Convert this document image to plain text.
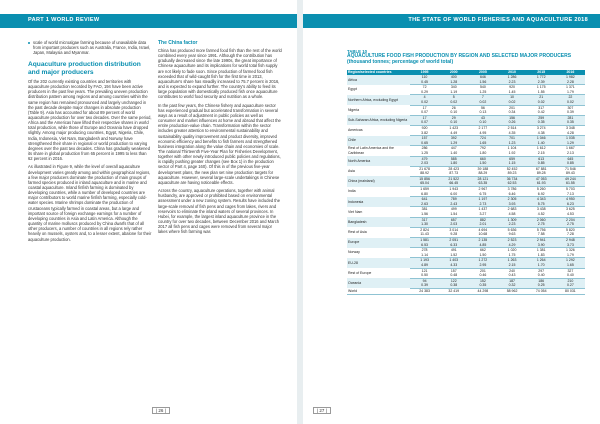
PART 1 WORLD REVIEW

scale of world microalgae farming because of unavailable data from important producers such as Australia, France, India, Israel, Japan, Malaysia and Myanmar.

Aquaculture production distribution and major producers

Of the 202 currently existing countries and territories with aquaculture production recorded by FAO, 194 have been active producers in the past few years. The prevailing uneven production distribution pattern among regions and among countries within the same region has remained pronounced and largely unchanged in the past decade despite major changes in absolute production (Table 9). Asia has accounted for about 89 percent of world aquaculture production for over two decades. Over the same period, Africa and the Americas have lifted their respective shares in world total production, while those of Europe and Oceania have dropped slightly. Among major producing countries, Egypt, Nigeria, Chile, India, Indonesia, Viet Nam, Bangladesh and Norway have strengthened their share in regional or world production to varying degrees over the past two decades. China has gradually weakened its share in global production from 65 percent in 1995 to less than 62 percent in 2016.

As illustrated in Figure 9, while the level of overall aquaculture development varies greatly among and within geographical regions, a few major producers dominate the production of main groups of farmed species produced in inland aquaculture and in marine and coastal aquaculture. Inland finfish farming is dominated by developing countries, while a number of developed countries are major contributors to world marine finfish farming, especially cold-water species. Marine shrimps dominate the production of crustaceans typically farmed in coastal areas, but a large and important source of foreign exchange earnings for a number of developing countries in Asia and Latin America. Although the quantity of marine molluscs produced by China dwarfs that of all other producers, a number of countries in all regions rely rather heavily on mussels, oysters and, to a lesser extent, abalone for their aquaculture production.

The China factor

China has produced more farmed food fish than the rest of the world combined every year since 1991. Although the contribution has gradually decreased since the late 1990s, the great importance of Chinese aquaculture and its implications for world total fish supply are not likely to fade soon. Since production of farmed food fish exceeded that of wild-caught fish for the first time in 2013, aquaculture's share has steadily increased to 75.7 percent in 2016, and is expected to expand further. The country's ability to feed its large population with domestically produced fish once aquaculture contributes to world food security and nutrition as a whole.

In the past few years, the Chinese fishery and aquaculture sector has experienced gradual but accelerated transformation in several ways as a result of adjustment in public policies as well as consumer and market influences at home and abroad that affect the entire production-value chain. Transformation within the sector includes greater attention to environmental sustainability and sustainability quality improvement and product diversity, improved economic efficiency and benefits to fish farmers and strengthened business integration along the value chain and economies of scale. The national Thirteenth Five-Year Plan for Fisheries Development, together with other newly introduced public policies and regulations, is rapidly pushing greater changes (see Box 1) in the production sector of Part 4, page 160). Of this in of the previous five-year development plans, the new plan set nine production targets for aquaculture. However, several large-scale undertakings in Chinese aquaculture are having noticeable effects.

Across the country, aquaculture operations, together with animal husbandry, are approved or prohibited based on environmental assessment under a new zoning system. Results have included the large-scale removal of fish pens and cages from lakes, rivers and reservoirs to eliminate the inland waters of several provinces. In Hubei, for example, the largest inland aquaculture province in the country for over two decades, between December 2016 and March 2017 all fish pens and cages were removed from several major lakes where fish farming was

| 26 |
THE STATE OF WORLD FISHERIES AND AQUACULTURE 2018
TABLE 10
AQUACULTURE FOOD FISH PRODUCTION BY REGION AND SELECTED MAJOR PRODUCERS (thousand tonnes; percentage of world total)
Region/selected countries	1995	2000	2005	2010	2015	2016
Africa	110	400	646	1 286	1 772	1 982
	0.45	1.28	1.56	2.23	2.39	2.28
Egypt	72	340	540	920	1 175	1 371
	0.29	1.19	1.25	1.45	1.55	1.79
Northern Africa, excluding Egypt	4	5	7	10	21	22
	0.02	0.02	0.02	0.02	0.02	0.02
Nigeria	17	26	56	201	317	307
	0.07	0.10	0.13	0.34	0.42	0.39
Sub-Saharan Africa, excluding Nigeria	17	29	43	156	259	281
	0.07	0.10	0.10	0.26	0.35	0.35
Americas	920	1 423	2 177	2 514	3 274	3 348
	3.82	4.49	4.95	4.35	4.38	4.28
Chile	157	392	724	701	1 046	1 035
	0.65	1.29	1.65	1.23	1.40	1.29
Rest of Latin America and the Caribbean	286	447	792	1 104	1 612	1 667
	1.25	1.40	1.80	1.92	2.15	2.13
North America	479	585	660	659	613	645
	2.03	1.80	1.50	1.15	0.85	0.85
Asia	21 678	28 423	39 188	52 452	67 881	71 546
	88.92	87.73	88.29	89.23	89.28	89.43
China (mainland)	15 856	21 522	28 121	36 734	47 053	49 244
	65.04	66.45	63.35	62.53	61.93	61.55
India	1 659	1 943	2 967	3 786	5 260	5 703
	6.80	6.00	6.75	6.46	6.92	7.13
Indonesia	641	789	1 197	2 305	4 343	4 950
	2.63	2.43	2.73	3.93	5.75	6.23
Viet Nam	381	499	1 437	2 683	3 438	3 625
	1.56	1.54	3.27	4.58	4.52	4.53
Bangladesh	317	657	882	1 309	2 060	2 204
	1.30	2.03	2.01	2.23	2.75	2.75
Rest of Asia	2 824	3 014	4 694	5 636	5 756	5 820
	11.43	9.28	10.68	9.63	7.58	7.28
Europe	1 581	2 051	2 135	2 523	2 941	2 948
	6.53	6.33	4.85	4.29	3.90	3.73
Norway	278	491	662	1 020	1 381	1 326
	1.14	1.52	1.50	1.75	1.83	1.79
EU-28	1 193	1 403	1 272	1 263	1 264	1 292
	4.89	4.33	2.95	2.15	1.70	1.65
Rest of Europe	121	157	201	240	297	327
	0.50	0.48	0.46	0.43	0.40	0.40
Oceania	94	122	152	187	186	210
	0.39	0.38	0.35	0.32	0.25	0.27
World	24 383	32 419	44 298	58 962	74 054	80 031
| 27 |
